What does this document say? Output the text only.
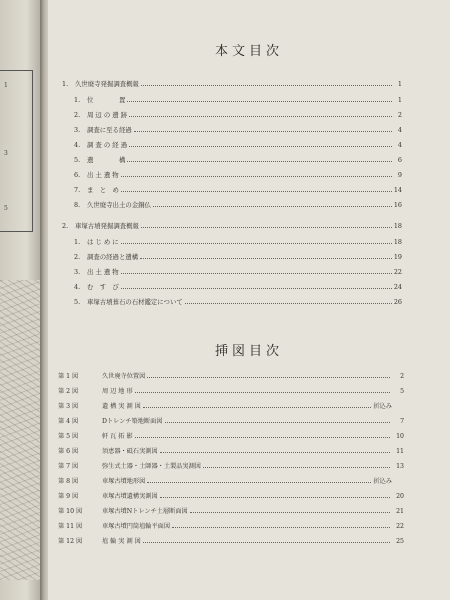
1
3
5
本文目次
1.	久世廃寺発掘調査概報	1
1.	位　　　　置	1
2.	周 辺 の 遺 跡	2
3.	調査に至る経過	4
4.	調 査 の 経 過	4
5.	遺　　　　構	6
6.	出 土 遺 物	9
7.	ま　と　め	14
8.	久世廃寺出土の金銅仏	16
2.	車塚古墳発掘調査概報	18
1.	は じ め に	18
2.	調査の経過と遺構	19
3.	出 土 遺 物	22
4.	む　す　び	24
5.	車塚古墳葺石の石材鑑定について	26
挿図目次
第 1 図	久世廃寺位置図	2
第 2 図	周 辺 地 形	5
第 3 図	遺 構 実 測 図	折込み
第 4 図	Dトレンチ築地断面図	7
第 5 図	軒 瓦 拓 影	10
第 6 図	須恵器・砥石実測図	11
第 7 図	弥生式土器・土師器・土製品実測図	13
第 8 図	車塚古墳地形図	折込み
第 9 図	車塚古墳遺構実測図	20
第 10 図	車塚古墳Nトレンチ土層断面図	21
第 11 図	車塚古墳円筒埴輪平面図	22
第 12 図	埴 輪 実 測 図	25
